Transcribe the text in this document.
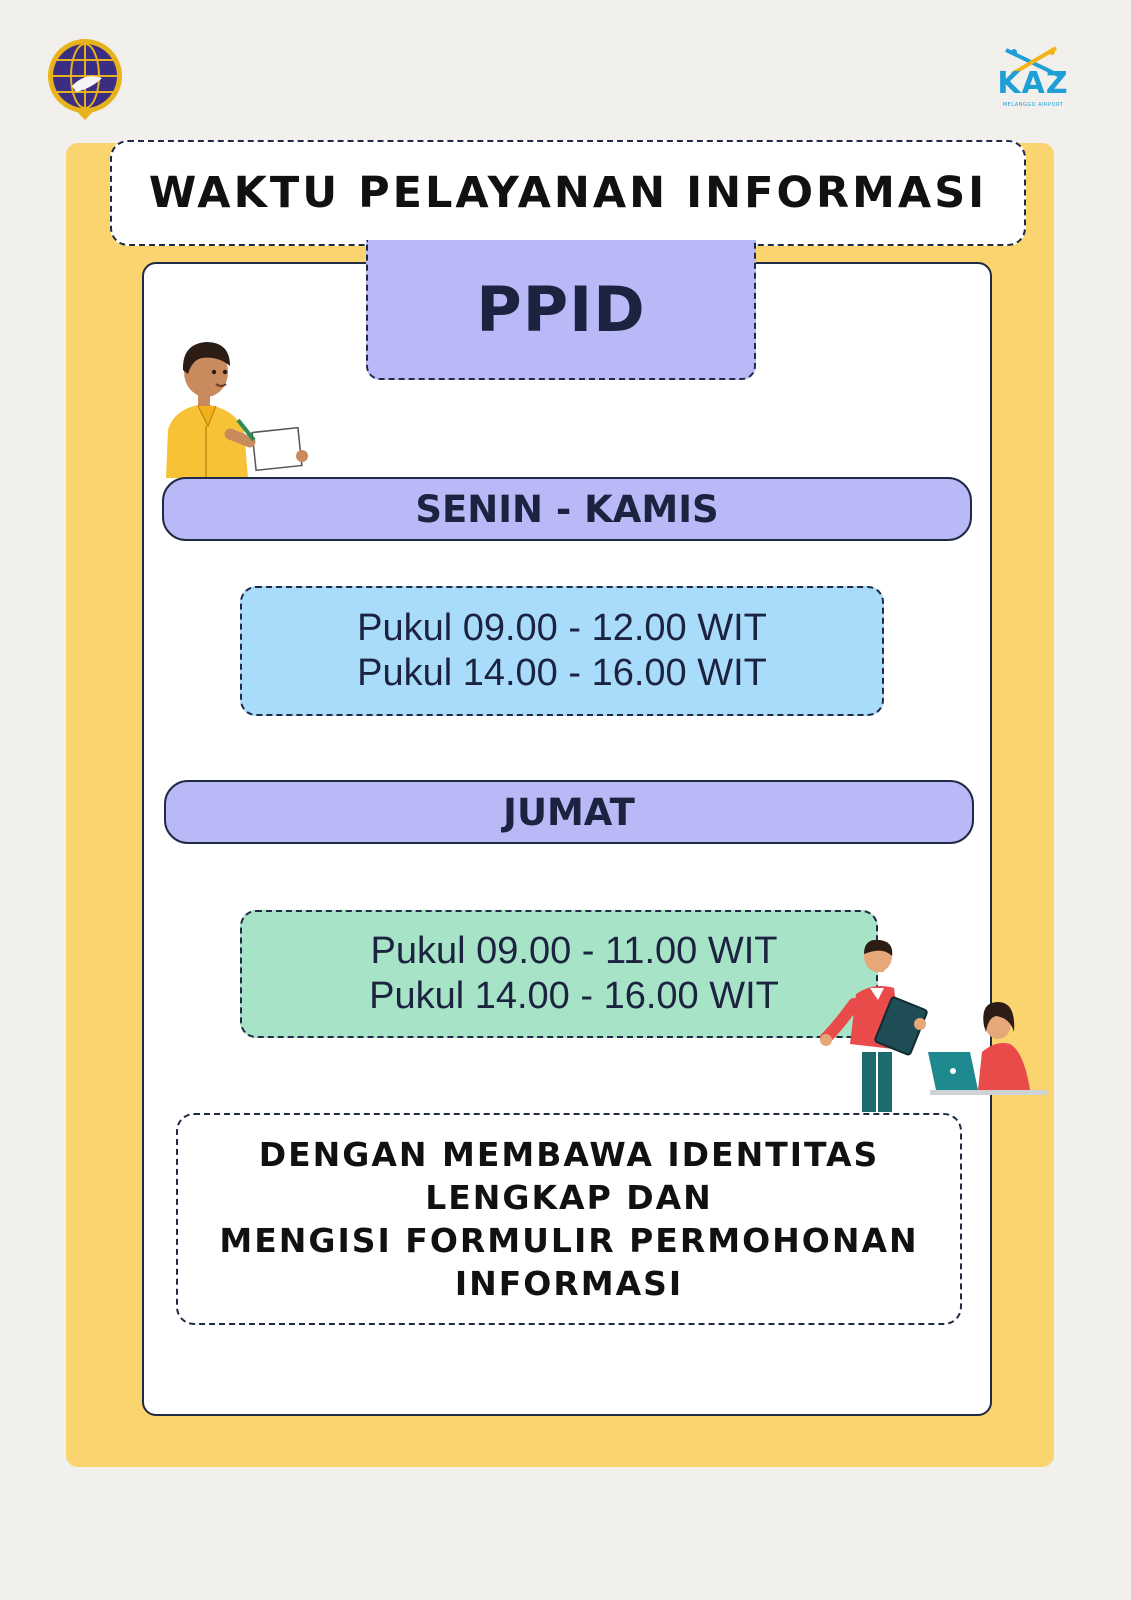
KAZ
MELANGGO AIRPORT
WAKTU PELAYANAN INFORMASI
PPID
SENIN - KAMIS
Pukul 09.00 - 12.00 WIT
Pukul 14.00 - 16.00 WIT
JUMAT
Pukul 09.00 - 11.00 WIT
Pukul 14.00 - 16.00 WIT
DENGAN MEMBAWA IDENTITAS
LENGKAP DAN
MENGISI FORMULIR PERMOHONAN
INFORMASI
